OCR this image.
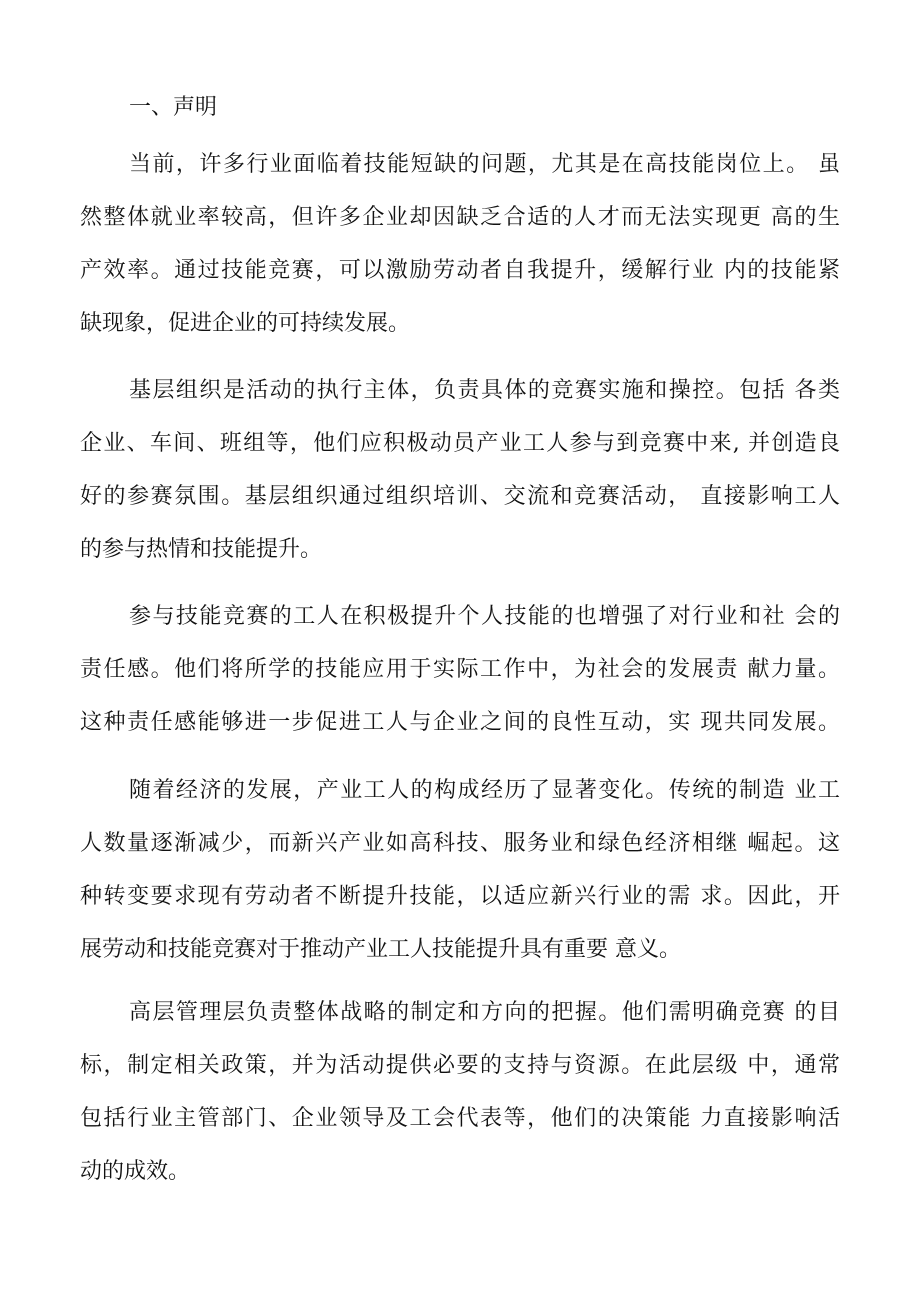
一、声明
当前，许多行业面临着技能短缺的问题，尤其是在高技能岗位上。 虽
然整体就业率较高，但许多企业却因缺乏合适的人才而无法实现更 高的生
产效率。通过技能竞赛，可以激励劳动者自我提升，缓解行业 内的技能紧
缺现象，促进企业的可持续发展。
基层组织是活动的执行主体，负责具体的竞赛实施和操控。包括 各类
企业、车间、班组等，他们应积极动员产业工人参与到竞赛中来, 并创造良
好的参赛氛围。基层组织通过组织培训、交流和竞赛活动， 直接影响工人
的参与热情和技能提升。
参与技能竞赛的工人在积极提升个人技能的也增强了对行业和社 会的
责任感。他们将所学的技能应用于实际工作中，为社会的发展责 献力量。
这种责任感能够进一步促进工人与企业之间的良性互动，实 现共同发展。
随着经济的发展，产业工人的构成经历了显著变化。传统的制造 业工
人数量逐渐减少，而新兴产业如高科技、服务业和绿色经济相继 崛起。这
种转变要求现有劳动者不断提升技能，以适应新兴行业的需 求。因此，开
展劳动和技能竞赛对于推动产业工人技能提升具有重要 意义。
高层管理层负责整体战略的制定和方向的把握。他们需明确竞赛 的目
标，制定相关政策，并为活动提供必要的支持与资源。在此层级 中，通常
包括行业主管部门、企业领导及工会代表等，他们的决策能 力直接影响活
动的成效。
